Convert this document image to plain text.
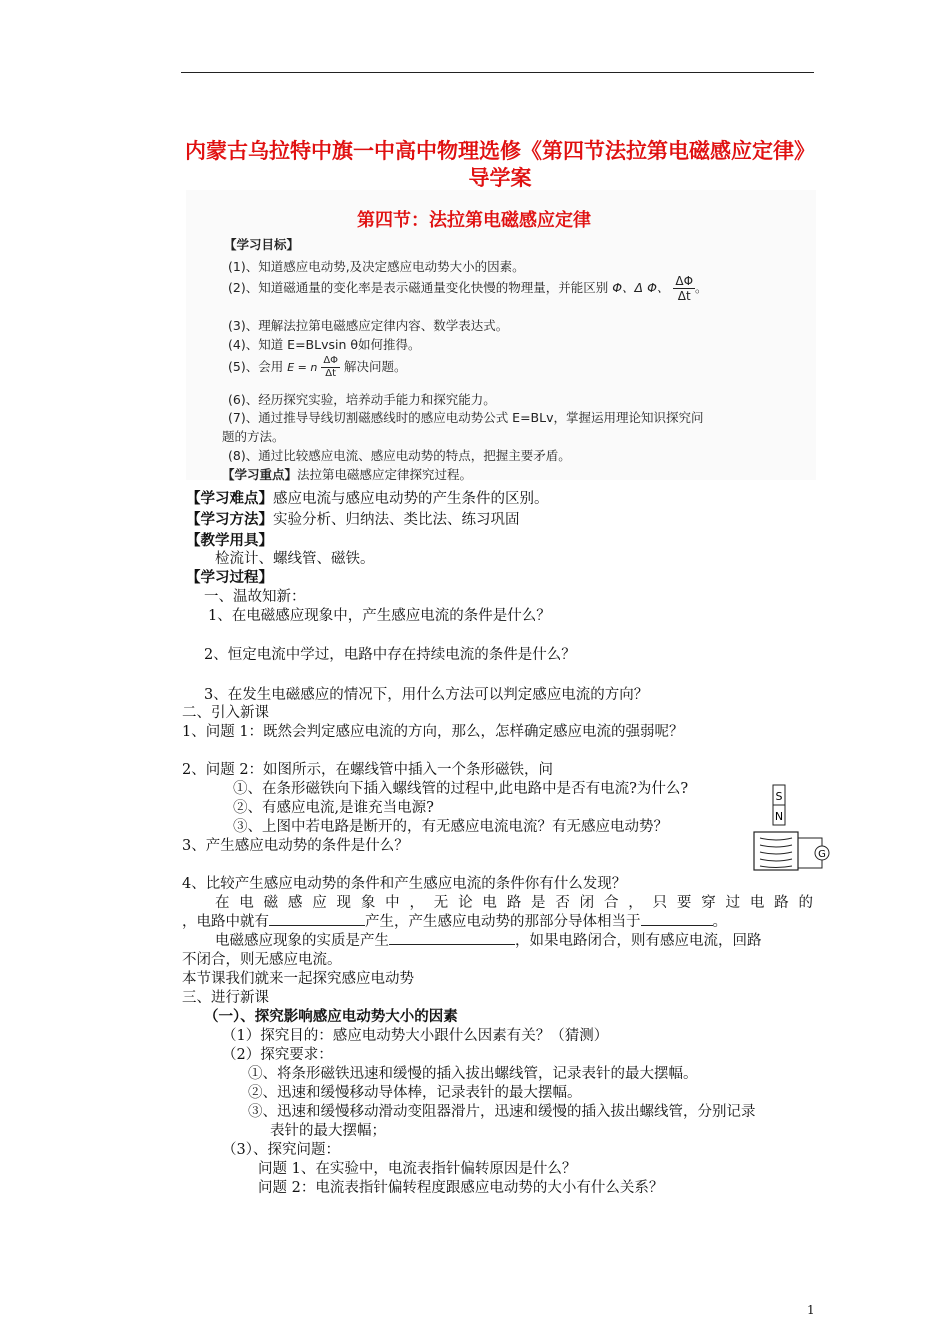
内蒙古乌拉特中旗一中高中物理选修《第四节法拉第电磁感应定律》导学案

第四节：法拉第电磁感应定律
【学习目标】
(1)、知道感应电动势,及决定感应电动势大小的因素。
(2)、知道磁通量的变化率是表示磁通量变化快慢的物理量，并能区别 Φ、Δ Φ、 $\frac{\Delta\Phi}{\Delta t}$ 。
(3)、理解法拉第电磁感应定律内容、数学表达式。
(4)、知道 E=BLvsin θ如何推得。
(5)、会用 E = n $\frac{\Delta\Phi}{\Delta t}$ 解决问题。
(6)、经历探究实验，培养动手能力和探究能力。
(7)、通过推导导线切割磁感线时的感应电动势公式 E=BLv，掌握运用理论知识探究问
题的方法。
(8)、通过比较感应电流、感应电动势的特点，把握主要矛盾。
【学习重点】法拉第电磁感应定律探究过程。
【学习难点】感应电流与感应电动势的产生条件的区别。
【学习方法】实验分析、归纳法、类比法、练习巩固
【教学用具】
检流计、螺线管、磁铁。
【学习过程】
一、温故知新：
1、在电磁感应现象中，产生感应电流的条件是什么？
2、恒定电流中学过，电路中存在持续电流的条件是什么？
3、在发生电磁感应的情况下，用什么方法可以判定感应电流的方向？
二、引入新课
1、问题 1：既然会判定感应电流的方向，那么，怎样确定感应电流的强弱呢？
2、问题 2：如图所示，在螺线管中插入一个条形磁铁，问
①、在条形磁铁向下插入螺线管的过程中,此电路中是否有电流?为什么?
②、有感应电流,是谁充当电源?
③、上图中若电路是断开的，有无感应电流电流？有无感应电动势？
3、产生感应电动势的条件是什么？
S
N
G
4、比较产生感应电动势的条件和产生感应电流的条件你有什么发现？
在电磁感应现象中，无论电路是否闭合，只要穿过电路的
，电路中就有	产生，产生感应电动势的那部分导体相当于	。
电磁感应现象的实质是产生	，如果电路闭合，则有感应电流，回路
不闭合，则无感应电流。
本节课我们就来一起探究感应电动势
三、进行新课
（一）、探究影响感应电动势大小的因素
（1）探究目的：感应电动势大小跟什么因素有关？（猜测）
（2）探究要求：
①、将条形磁铁迅速和缓慢的插入拔出螺线管，记录表针的最大摆幅。
②、迅速和缓慢移动导体棒，记录表针的最大摆幅。
③、迅速和缓慢移动滑动变阻器滑片，迅速和缓慢的插入拔出螺线管，分别记录
表针的最大摆幅；
（3）、探究问题：
问题 1、在实验中，电流表指针偏转原因是什么？
问题 2：电流表指针偏转程度跟感应电动势的大小有什么关系？
1
